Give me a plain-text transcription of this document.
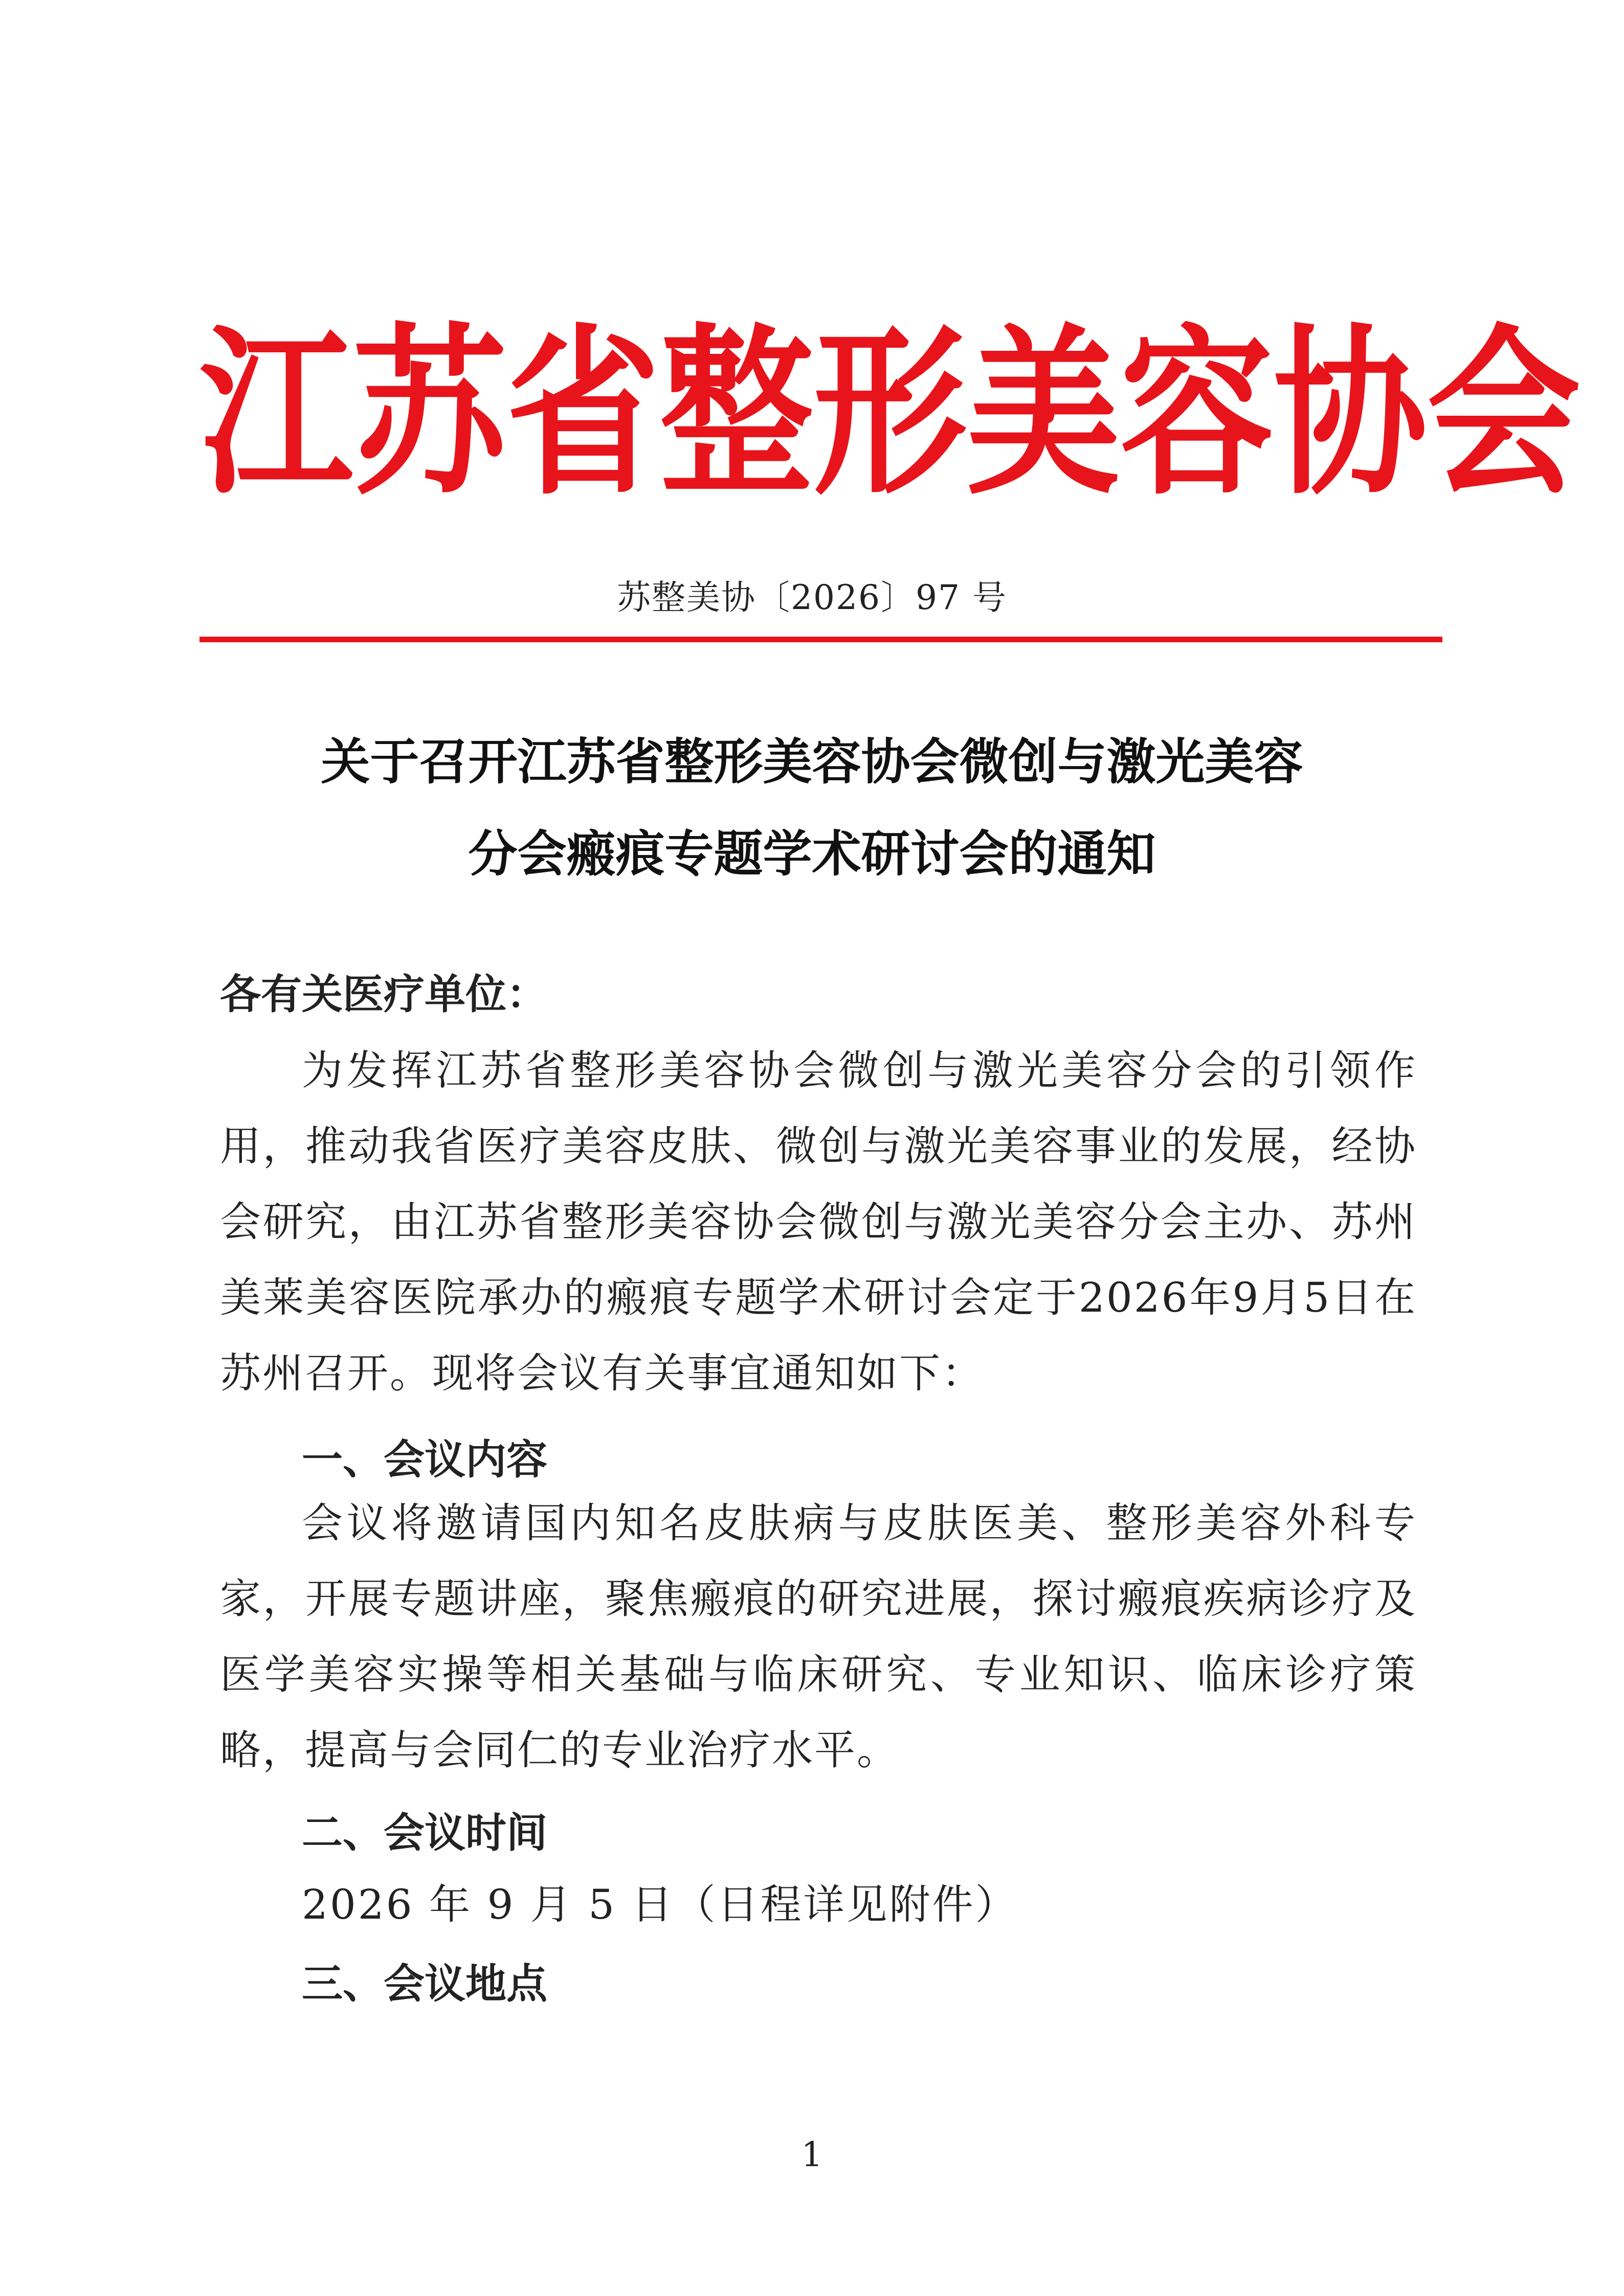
江 苏 省 整 形 美 容 协 会
苏整美协〔2026〕97 号
关于召开江苏省整形美容协会微创与激光美容
分会瘢痕专题学术研讨会的通知
各有关医疗单位：
为发挥江苏省整形美容协会微创与激光美容分会的引领作用，推动我省医疗美容皮肤、微创与激光美容事业的发展，经协会研究，由江苏省整形美容协会微创与激光美容分会主办、苏州美莱美容医院承办的瘢痕专题学术研讨会定于2026年9月5日在苏州召开。现将会议有关事宜通知如下：
一、会议内容
会议将邀请国内知名皮肤病与皮肤医美、整形美容外科专家，开展专题讲座，聚焦瘢痕的研究进展，探讨瘢痕疾病诊疗及医学美容实操等相关基础与临床研究、专业知识、临床诊疗策略，提高与会同仁的专业治疗水平。
二、会议时间
2026 年 9 月 5 日（日程详见附件）
三、会议地点
1
